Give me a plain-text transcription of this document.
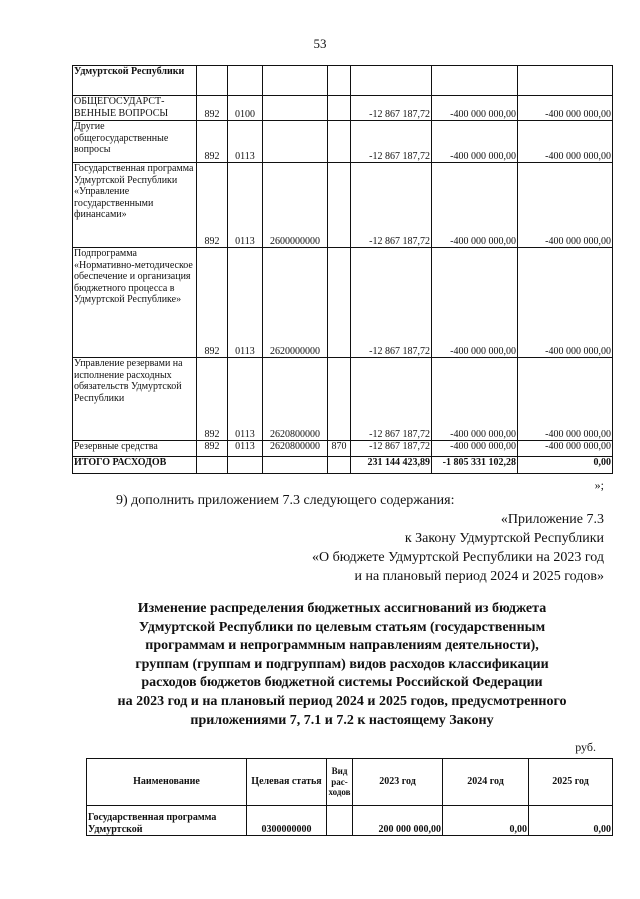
53
Удмуртской Республики							
ОБЩЕГОСУДАРСТ-ВЕННЫЕ ВОПРОСЫ	892	0100			-12 867 187,72	-400 000 000,00	-400 000 000,00
Другие общегосударственные вопросы	892	0113			-12 867 187,72	-400 000 000,00	-400 000 000,00
Государственная программа Удмуртской Республики «Управление государственными финансами»	892	0113	2600000000		-12 867 187,72	-400 000 000,00	-400 000 000,00
Подпрограмма «Нормативно-методическое обеспечение и организация бюджетного процесса в Удмуртской Республике»	892	0113	2620000000		-12 867 187,72	-400 000 000,00	-400 000 000,00
Управление резервами на исполнение расходных обязательств Удмуртской Республики	892	0113	2620800000		-12 867 187,72	-400 000 000,00	-400 000 000,00
Резервные средства	892	0113	2620800000	870	-12 867 187,72	-400 000 000,00	-400 000 000,00
ИТОГО РАСХОДОВ					231 144 423,89	-1 805 331 102,28	0,00
»;
9) дополнить приложением 7.3 следующего содержания:
«Приложение 7.3
к Закону Удмуртской Республики
«О бюджете Удмуртской Республики на 2023 год
и на плановый период 2024 и 2025 годов»
Изменение распределения бюджетных ассигнований из бюджета
Удмуртской Республики по целевым статьям (государственным
программам и непрограммным направлениям деятельности),
группам (группам и подгруппам) видов расходов классификации
расходов бюджетов бюджетной системы Российской Федерации
на 2023 год и на плановый период 2024 и 2025 годов, предусмотренного
приложениями 7, 7.1 и 7.2 к настоящему Закону
руб.
Наименование	Целевая статья	Вид рас-ходов	2023 год	2024 год	2025 год
Государственная программа Удмуртской	0300000000		200 000 000,00	0,00	0,00
